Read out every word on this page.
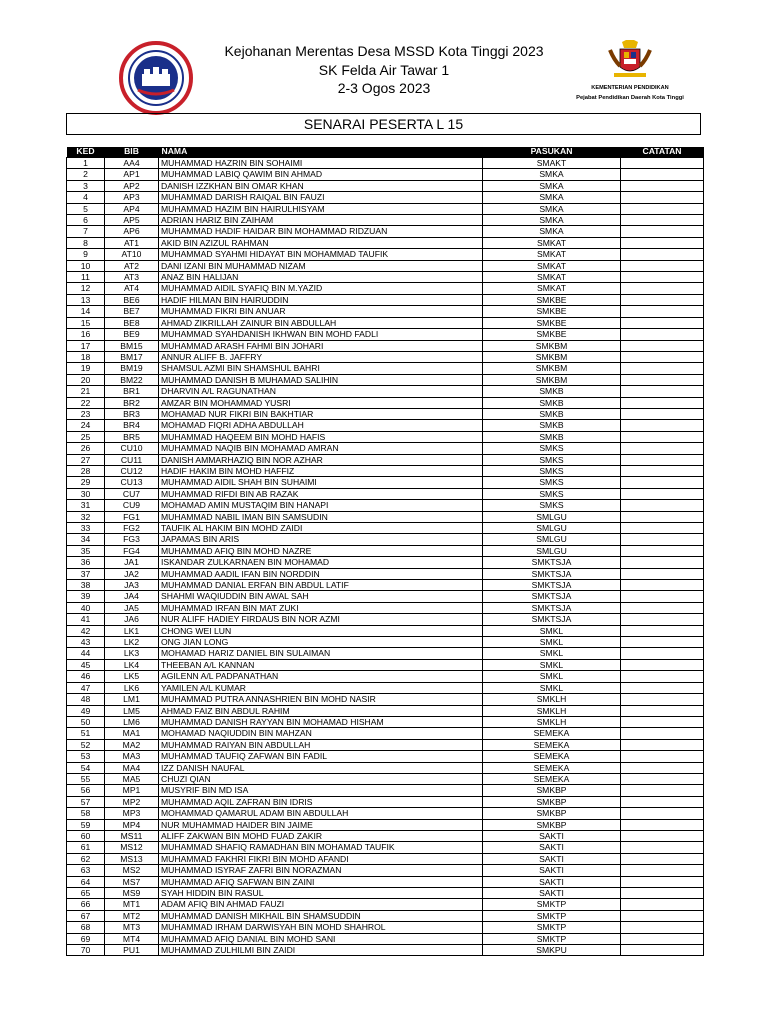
Kejohanan Merentas Desa MSSD Kota Tinggi 2023
SK Felda Air Tawar 1
2-3 Ogos 2023	KEMENTERIAN PENDIDIKAN
Pejabat Pendidikan Daerah Kota Tinggi
SENARAI PESERTA L 15
KED	BIB	NAMA	PASUKAN	CATATAN
1	AA4	MUHAMMAD HAZRIN BIN SOHAIMI	SMAKT	
2	AP1	MUHAMMAD LABIQ QAWIM BIN AHMAD	SMKA	
3	AP2	DANISH IZZKHAN BIN OMAR KHAN	SMKA	
4	AP3	MUHAMMAD DARISH RAIQAL BIN FAUZI	SMKA	
5	AP4	MUHAMMAD HAZIM BIN HAIRULHISYAM	SMKA	
6	AP5	ADRIAN HARIZ BIN ZAIHAM	SMKA	
7	AP6	MUHAMMAD HADIF HAIDAR BIN MOHAMMAD RIDZUAN	SMKA	
8	AT1	AKID BIN AZIZUL RAHMAN	SMKAT	
9	AT10	MUHAMMAD SYAHMI HIDAYAT BIN MOHAMMAD TAUFIK	SMKAT	
10	AT2	DANI IZANI BIN MUHAMMAD NIZAM	SMKAT	
11	AT3	ANAZ BIN HALIJAN	SMKAT	
12	AT4	MUHAMMAD AIDIL SYAFIQ BIN M.YAZID	SMKAT	
13	BE6	HADIF HILMAN BIN HAIRUDDIN	SMKBE	
14	BE7	MUHAMMAD FIKRI BIN ANUAR	SMKBE	
15	BE8	AHMAD ZIKRILLAH ZAINUR BIN ABDULLAH	SMKBE	
16	BE9	MUHAMMAD SYAHDANISH IKHWAN BIN MOHD FADLI	SMKBE	
17	BM15	MUHAMMAD ARASH FAHMI BIN JOHARI	SMKBM	
18	BM17	ANNUR ALIFF B. JAFFRY	SMKBM	
19	BM19	SHAMSUL AZMI BIN SHAMSHUL BAHRI	SMKBM	
20	BM22	MUHAMMAD DANISH B MUHAMAD SALIHIN	SMKBM	
21	BR1	DHARVIN A/L RAGUNATHAN	SMKB	
22	BR2	AMZAR BIN MOHAMMAD YUSRI	SMKB	
23	BR3	MOHAMAD NUR FIKRI BIN BAKHTIAR	SMKB	
24	BR4	MOHAMAD FIQRI ADHA ABDULLAH	SMKB	
25	BR5	MUHAMMAD HAQEEM BIN MOHD HAFIS	SMKB	
26	CU10	MUHAMMAD NAQIB BIN MOHAMAD AMRAN	SMKS	
27	CU11	DANISH AMMARHAZIQ BIN NOR AZHAR	SMKS	
28	CU12	HADIF HAKIM BIN MOHD HAFFIZ	SMKS	
29	CU13	MUHAMMAD AIDIL SHAH BIN SUHAIMI	SMKS	
30	CU7	MUHAMMAD RIFDI BIN AB RAZAK	SMKS	
31	CU9	MOHAMAD AMIN MUSTAQIM BIN HANAPI	SMKS	
32	FG1	MUHAMMAD NABIL IMAN BIN SAMSUDIN	SMLGU	
33	FG2	TAUFIK AL HAKIM BIN MOHD ZAIDI	SMLGU	
34	FG3	JAPAMAS BIN ARIS	SMLGU	
35	FG4	MUHAMMAD AFIQ BIN MOHD NAZRE	SMLGU	
36	JA1	ISKANDAR ZULKARNAEN BIN MOHAMAD	SMKTSJA	
37	JA2	MUHAMMAD AADIL IFAN BIN NORDDIN	SMKTSJA	
38	JA3	MUHAMMAD DANIAL ERFAN BIN ABDUL LATIF	SMKTSJA	
39	JA4	SHAHMI WAQIUDDIN BIN AWAL SAH	SMKTSJA	
40	JA5	MUHAMMAD IRFAN BIN MAT ZUKI	SMKTSJA	
41	JA6	NUR ALIFF HADIEY FIRDAUS BIN NOR AZMI	SMKTSJA	
42	LK1	CHONG WEI LUN	SMKL	
43	LK2	ONG JIAN LONG	SMKL	
44	LK3	MOHAMAD HARIZ DANIEL BIN SULAIMAN	SMKL	
45	LK4	THEEBAN A/L KANNAN	SMKL	
46	LK5	AGILENN A/L PADPANATHAN	SMKL	
47	LK6	YAMILEN A/L KUMAR	SMKL	
48	LM1	MUHAMMAD PUTRA ANNASHRIEN BIN MOHD NASIR	SMKLH	
49	LM5	AHMAD FAIZ BIN ABDUL RAHIM	SMKLH	
50	LM6	MUHAMMAD DANISH RAYYAN BIN MOHAMAD HISHAM	SMKLH	
51	MA1	MOHAMAD NAQIUDDIN BIN MAHZAN	SEMEKA	
52	MA2	MUHAMMAD RAIYAN BIN ABDULLAH	SEMEKA	
53	MA3	MUHAMMAD TAUFIQ ZAFWAN BIN FADIL	SEMEKA	
54	MA4	IZZ DANISH NAUFAL	SEMEKA	
55	MA5	CHUZI QIAN	SEMEKA	
56	MP1	MUSYRIF BIN MD ISA	SMKBP	
57	MP2	MUHAMMAD AQIL ZAFRAN BIN IDRIS	SMKBP	
58	MP3	MOHAMMAD QAMARUL ADAM BIN ABDULLAH	SMKBP	
59	MP4	NUR MUHAMMAD HAIDER BIN JAIME	SMKBP	
60	MS11	ALIFF ZAKWAN BIN MOHD FUAD ZAKIR	SAKTI	
61	MS12	MUHAMMAD SHAFIQ RAMADHAN BIN MOHAMAD TAUFIK	SAKTI	
62	MS13	MUHAMMAD FAKHRI FIKRI BIN MOHD AFANDI	SAKTI	
63	MS2	MUHAMMAD ISYRAF ZAFRI BIN NORAZMAN	SAKTI	
64	MS7	MUHAMMAD AFIQ SAFWAN BIN ZAINI	SAKTI	
65	MS9	SYAH HIDDIN BIN RASUL	SAKTI	
66	MT1	ADAM AFIQ BIN AHMAD FAUZI	SMKTP	
67	MT2	MUHAMMAD DANISH MIKHAIL BIN SHAMSUDDIN	SMKTP	
68	MT3	MUHAMMAD IRHAM DARWISYAH BIN MOHD SHAHROL	SMKTP	
69	MT4	MUHAMMAD AFIQ DANIAL BIN MOHD SANI	SMKTP	
70	PU1	MUHAMMAD ZULHILMI BIN ZAIDI	SMKPU	
